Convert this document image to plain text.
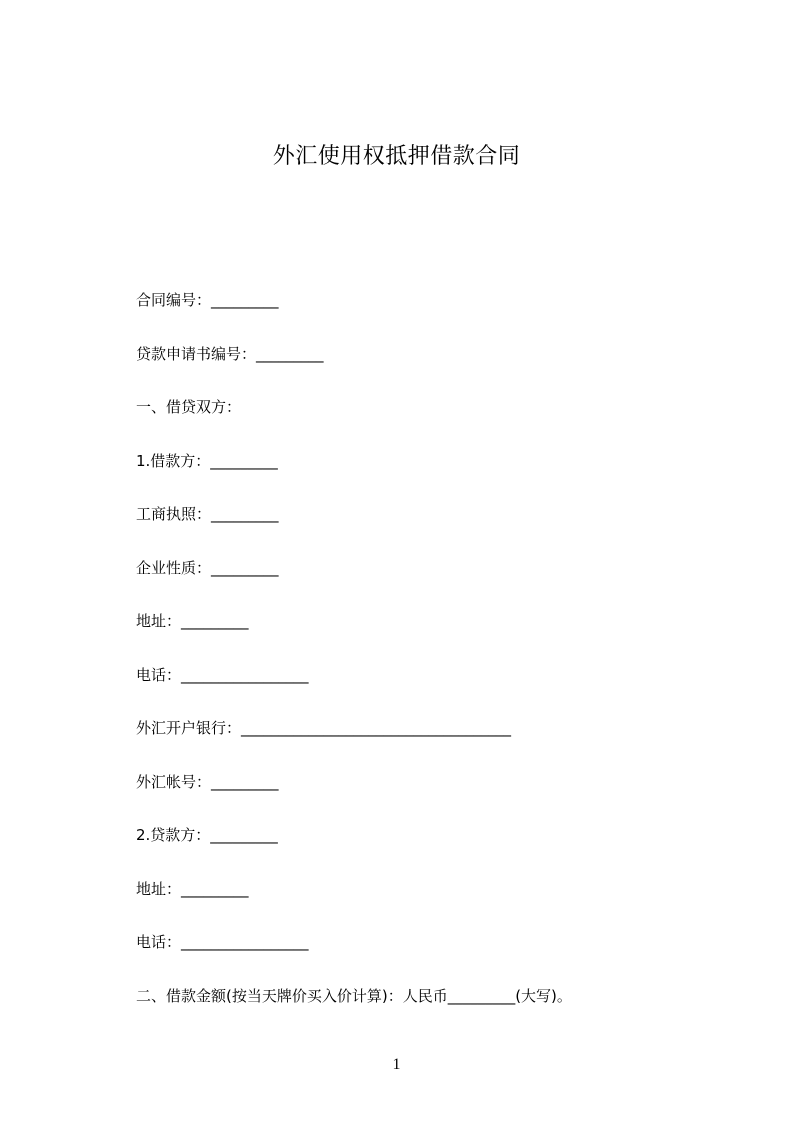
外汇使用权抵押借款合同
合同编号：_________
贷款申请书编号：_________
一、借贷双方：
1.借款方：_________
工商执照：_________
企业性质：_________
地址：_________
电话：_________________
外汇开户银行：____________________________________
外汇帐号：_________
2.贷款方：_________
地址：_________
电话：_________________
二、借款金额(按当天牌价买入价计算)：人民币_________(大写)。
1
